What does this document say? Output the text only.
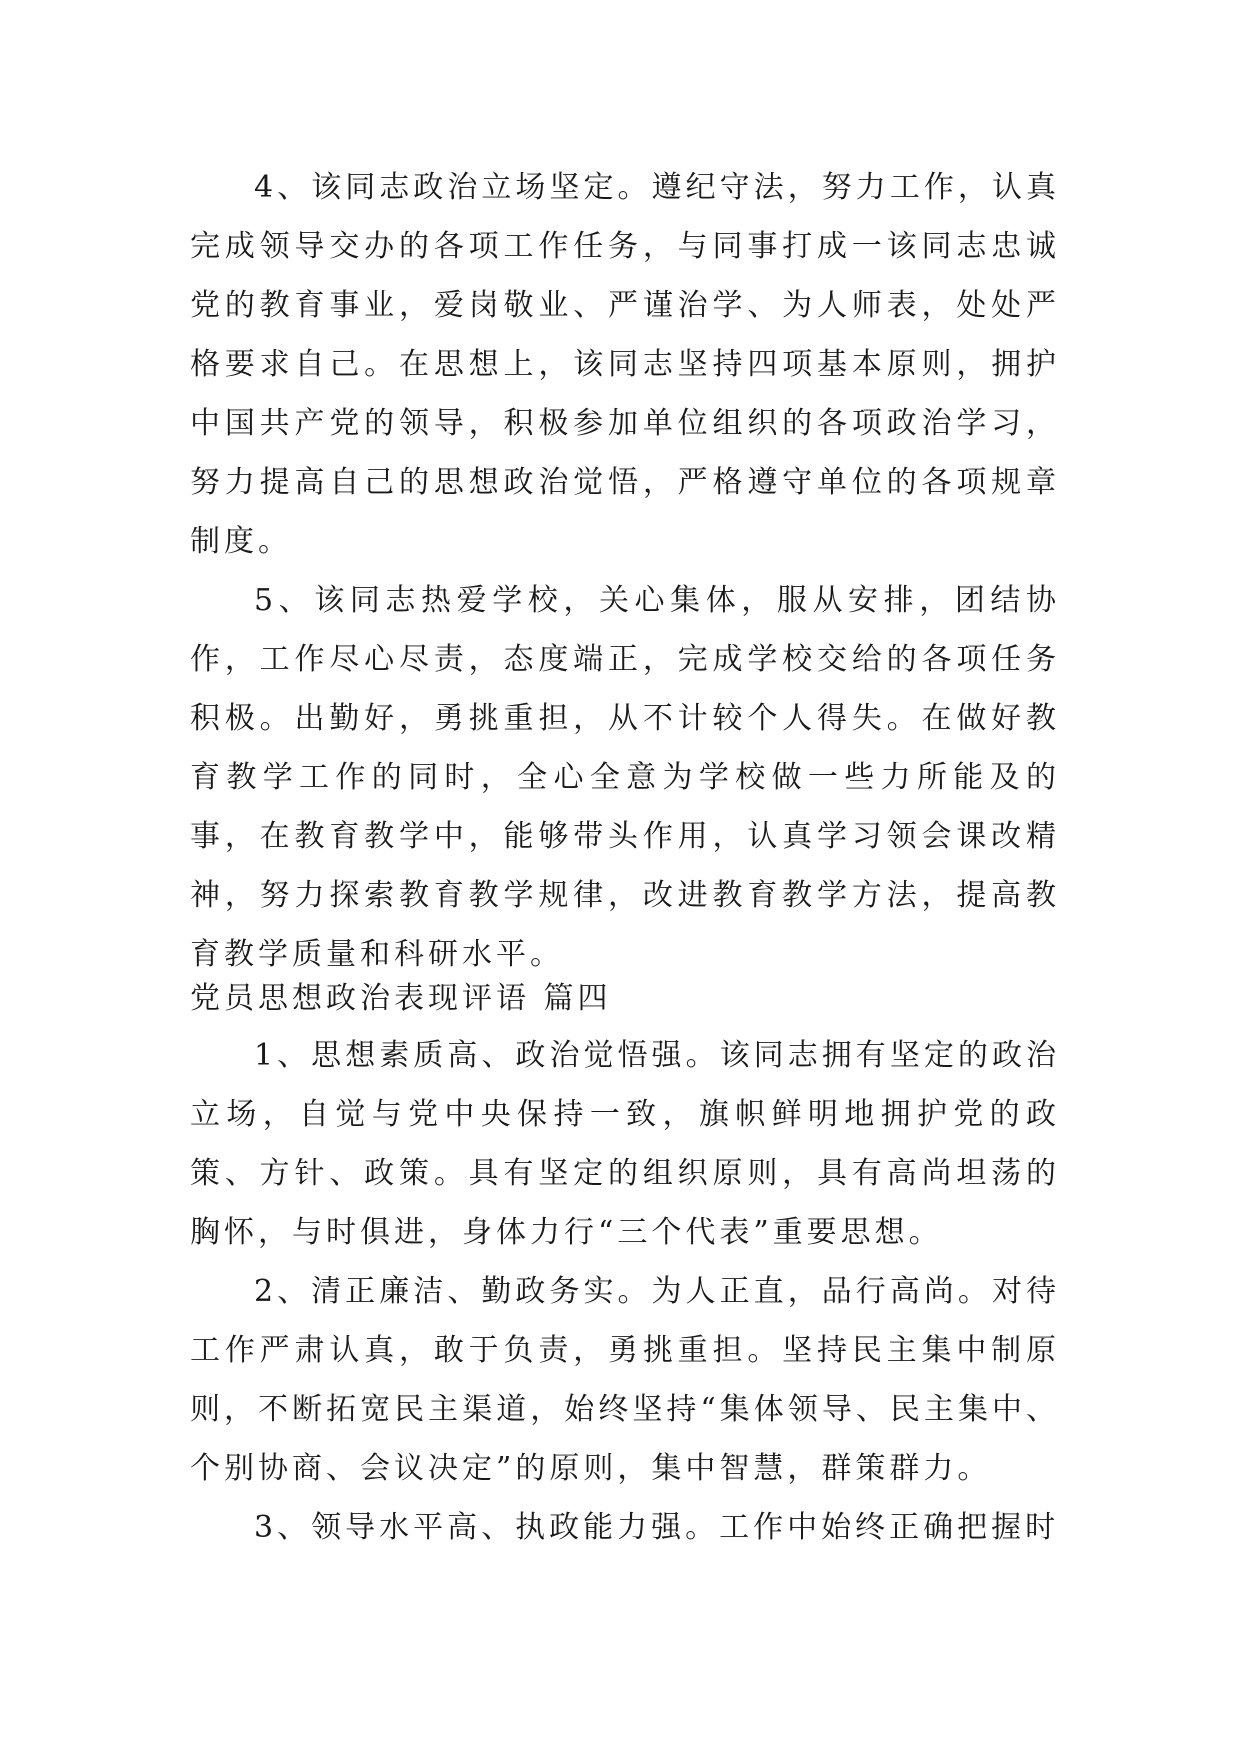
4、该同志政治立场坚定。遵纪守法，努力工作，认真完成领导交办的各项工作任务，与同事打成一该同志忠诚党的教育事业，爱岗敬业、严谨治学、为人师表，处处严格要求自己。在思想上，该同志坚持四项基本原则，拥护中国共产党的领导，积极参加单位组织的各项政治学习，努力提高自己的思想政治觉悟，严格遵守单位的各项规章制度。

5、该同志热爱学校，关心集体，服从安排，团结协作，工作尽心尽责，态度端正，完成学校交给的各项任务积极。出勤好，勇挑重担，从不计较个人得失。在做好教育教学工作的同时，全心全意为学校做一些力所能及的事，在教育教学中，能够带头作用，认真学习领会课改精神，努力探索教育教学规律，改进教育教学方法，提高教育教学质量和科研水平。

党员思想政治表现评语 篇四

1、思想素质高、政治觉悟强。该同志拥有坚定的政治立场，自觉与党中央保持一致，旗帜鲜明地拥护党的政策、方针、政策。具有坚定的组织原则，具有高尚坦荡的胸怀，与时俱进，身体力行“三个代表”重要思想。

2、清正廉洁、勤政务实。为人正直，品行高尚。对待工作严肃认真，敢于负责，勇挑重担。坚持民主集中制原则，不断拓宽民主渠道，始终坚持“集体领导、民主集中、个别协商、会议决定”的原则，集中智慧，群策群力。

3、领导水平高、执政能力强。工作中始终正确把握时
